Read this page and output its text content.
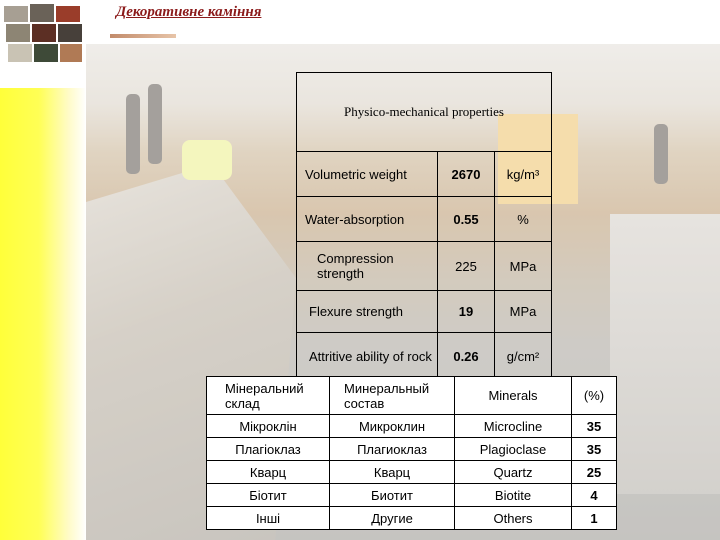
Декоративне каміння
Physico-mechanical properties		
Volumetric weight	2670	kg/m³
Water-absorption	0.55	%
Compression strength	225	MPa
Flexure strength	19	MPa
Attritive ability of rock	0.26	g/cm²
Мінеральний склад	Минеральный состав	Minerals	(%)
Мікроклін	Микроклин	Microcline	35
Плагіоклаз	Плагиоклаз	Plagioclase	35
Кварц	Кварц	Quartz	25
Біотит	Биотит	Biotite	4
Інші	Другие	Others	1
